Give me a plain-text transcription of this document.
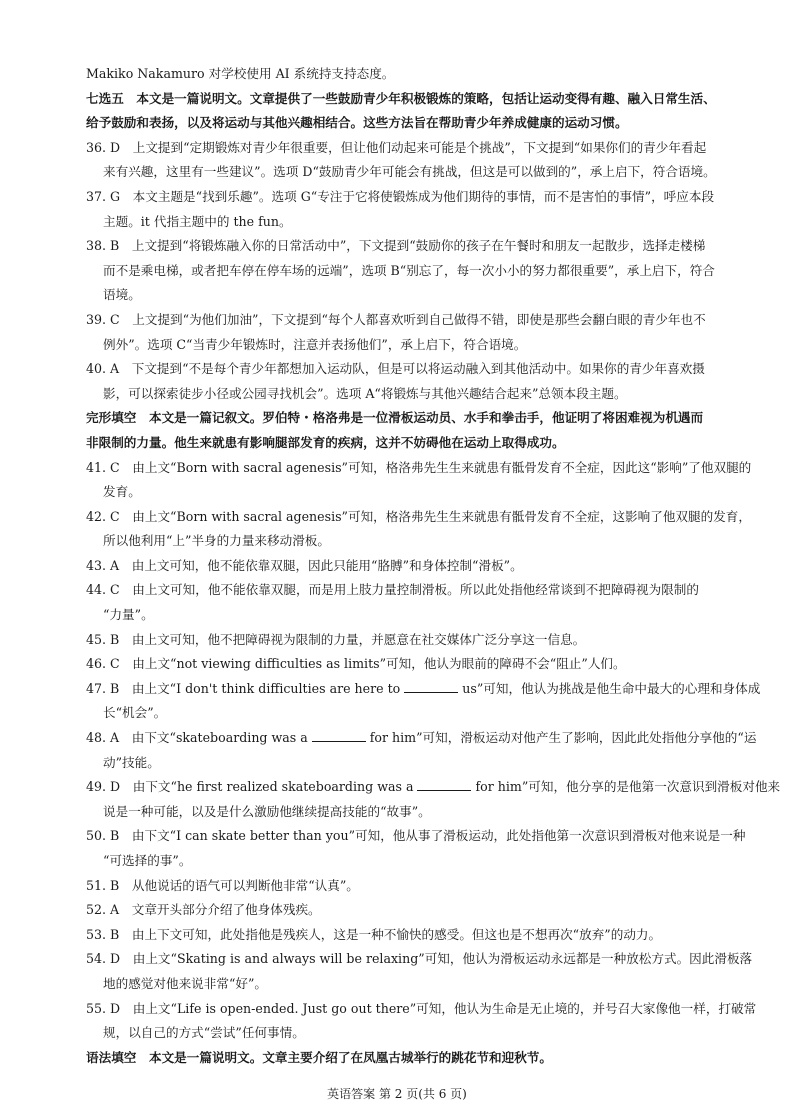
Makiko Nakamuro 对学校使用 AI 系统持支持态度。
七选五　本文是一篇说明文。文章提供了一些鼓励青少年积极锻炼的策略，包括让运动变得有趣、融入日常生活、
给予鼓励和表扬，以及将运动与其他兴趣相结合。这些方法旨在帮助青少年养成健康的运动习惯。
36. D　上文提到“定期锻炼对青少年很重要，但让他们动起来可能是个挑战”，下文提到“如果你们的青少年看起
来有兴趣，这里有一些建议”。选项 D“鼓励青少年可能会有挑战，但这是可以做到的”，承上启下，符合语境。
37. G　本文主题是“找到乐趣”。选项 G“专注于它将使锻炼成为他们期待的事情，而不是害怕的事情”，呼应本段
主题。it 代指主题中的 the fun。
38. B　上文提到“将锻炼融入你的日常活动中”，下文提到“鼓励你的孩子在午餐时和朋友一起散步，选择走楼梯
而不是乘电梯，或者把车停在停车场的远端”，选项 B“别忘了，每一次小小的努力都很重要”，承上启下，符合
语境。
39. C　上文提到“为他们加油”，下文提到“每个人都喜欢听到自己做得不错，即使是那些会翻白眼的青少年也不
例外”。选项 C“当青少年锻炼时，注意并表扬他们”，承上启下，符合语境。
40. A　下文提到“不是每个青少年都想加入运动队，但是可以将运动融入到其他活动中。如果你的青少年喜欢摄
影，可以探索徒步小径或公园寻找机会”。选项 A“将锻炼与其他兴趣结合起来”总领本段主题。
完形填空　本文是一篇记叙文。罗伯特・格洛弗是一位滑板运动员、水手和拳击手，他证明了将困难视为机遇而
非限制的力量。他生来就患有影响腿部发育的疾病，这并不妨碍他在运动上取得成功。
41. C　由上文“Born with sacral agenesis”可知，格洛弗先生生来就患有骶骨发育不全症，因此这“影响”了他双腿的
发育。
42. C　由上文“Born with sacral agenesis”可知，格洛弗先生生来就患有骶骨发育不全症，这影响了他双腿的发育，
所以他利用“上”半身的力量来移动滑板。
43. A　由上文可知，他不能依靠双腿，因此只能用“胳膊”和身体控制“滑板”。
44. C　由上文可知，他不能依靠双腿，而是用上肢力量控制滑板。所以此处指他经常谈到不把障碍视为限制的
“力量”。
45. B　由上文可知，他不把障碍视为限制的力量，并愿意在社交媒体广泛分享这一信息。
46. C　由上文“not viewing difficulties as limits”可知，他认为眼前的障碍不会“阻止”人们。
47. B　由上文“I don't think difficulties are here to	us”可知，他认为挑战是他生命中最大的心理和身体成
长“机会”。
48. A　由下文“skateboarding was a	for him”可知，滑板运动对他产生了影响，因此此处指他分享他的“运
动”技能。
49. D　由下文“he first realized skateboarding was a	for him”可知，他分享的是他第一次意识到滑板对他来
说是一种可能，以及是什么激励他继续提高技能的“故事”。
50. B　由下文“I can skate better than you”可知，他从事了滑板运动，此处指他第一次意识到滑板对他来说是一种
“可选择的事”。
51. B　从他说话的语气可以判断他非常“认真”。
52. A　文章开头部分介绍了他身体残疾。
53. B　由上下文可知，此处指他是残疾人，这是一种不愉快的感受。但这也是不想再次“放弃”的动力。
54. D　由上文“Skating is and always will be relaxing”可知，他认为滑板运动永远都是一种放松方式。因此滑板落
地的感觉对他来说非常“好”。
55. D　由上文“Life is open-ended. Just go out there”可知，他认为生命是无止境的，并号召大家像他一样，打破常
规，以自己的方式“尝试”任何事情。
语法填空　本文是一篇说明文。文章主要介绍了在凤凰古城举行的跳花节和迎秋节。
英语答案 第 2 页(共 6 页)
